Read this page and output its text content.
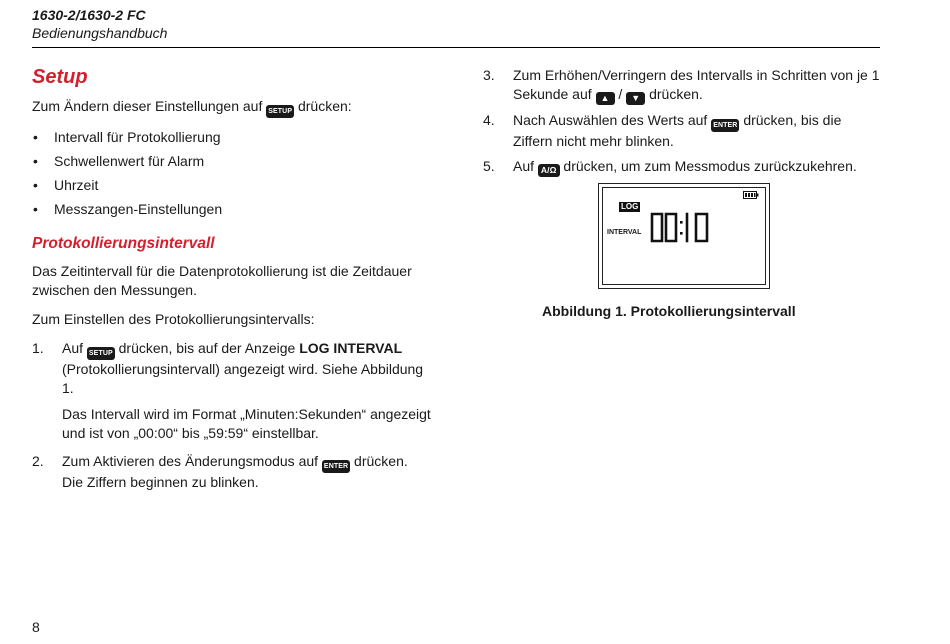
1630-2/1630-2 FC
Bedienungshandbuch
Setup

Zum Ändern dieser Einstellungen auf SETUP drücken:

• Intervall für Protokollierung
• Schwellenwert für Alarm
• Uhrzeit
• Messzangen-Einstellungen
Protokollierungsintervall

Das Zeitintervall für die Datenprotokollierung ist die Zeitdauer zwischen den Messungen.

Zum Einstellen des Protokollierungsintervalls:

1. Auf SETUP drücken, bis auf der Anzeige LOG INTERVAL (Protokollierungsintervall) angezeigt wird. Siehe Abbildung 1.

Das Intervall wird im Format „Minuten:Sekunden“ angezeigt und ist von „00:00“ bis „59:59“ einstellbar.

2. Zum Aktivieren des Änderungsmodus auf ENTER drücken. Die Ziffern beginnen zu blinken.

3. Zum Erhöhen/Verringern des Intervalls in Schritten von je 1 Sekunde auf ▲ / ▼ drücken.

4. Nach Auswählen des Werts auf ENTER drücken, bis die Ziffern nicht mehr blinken.

5. Auf A/Ω drücken, um zum Messmodus zurückzukehren.

LOG
INTERVAL
Abbildung 1. Protokollierungsintervall
8
